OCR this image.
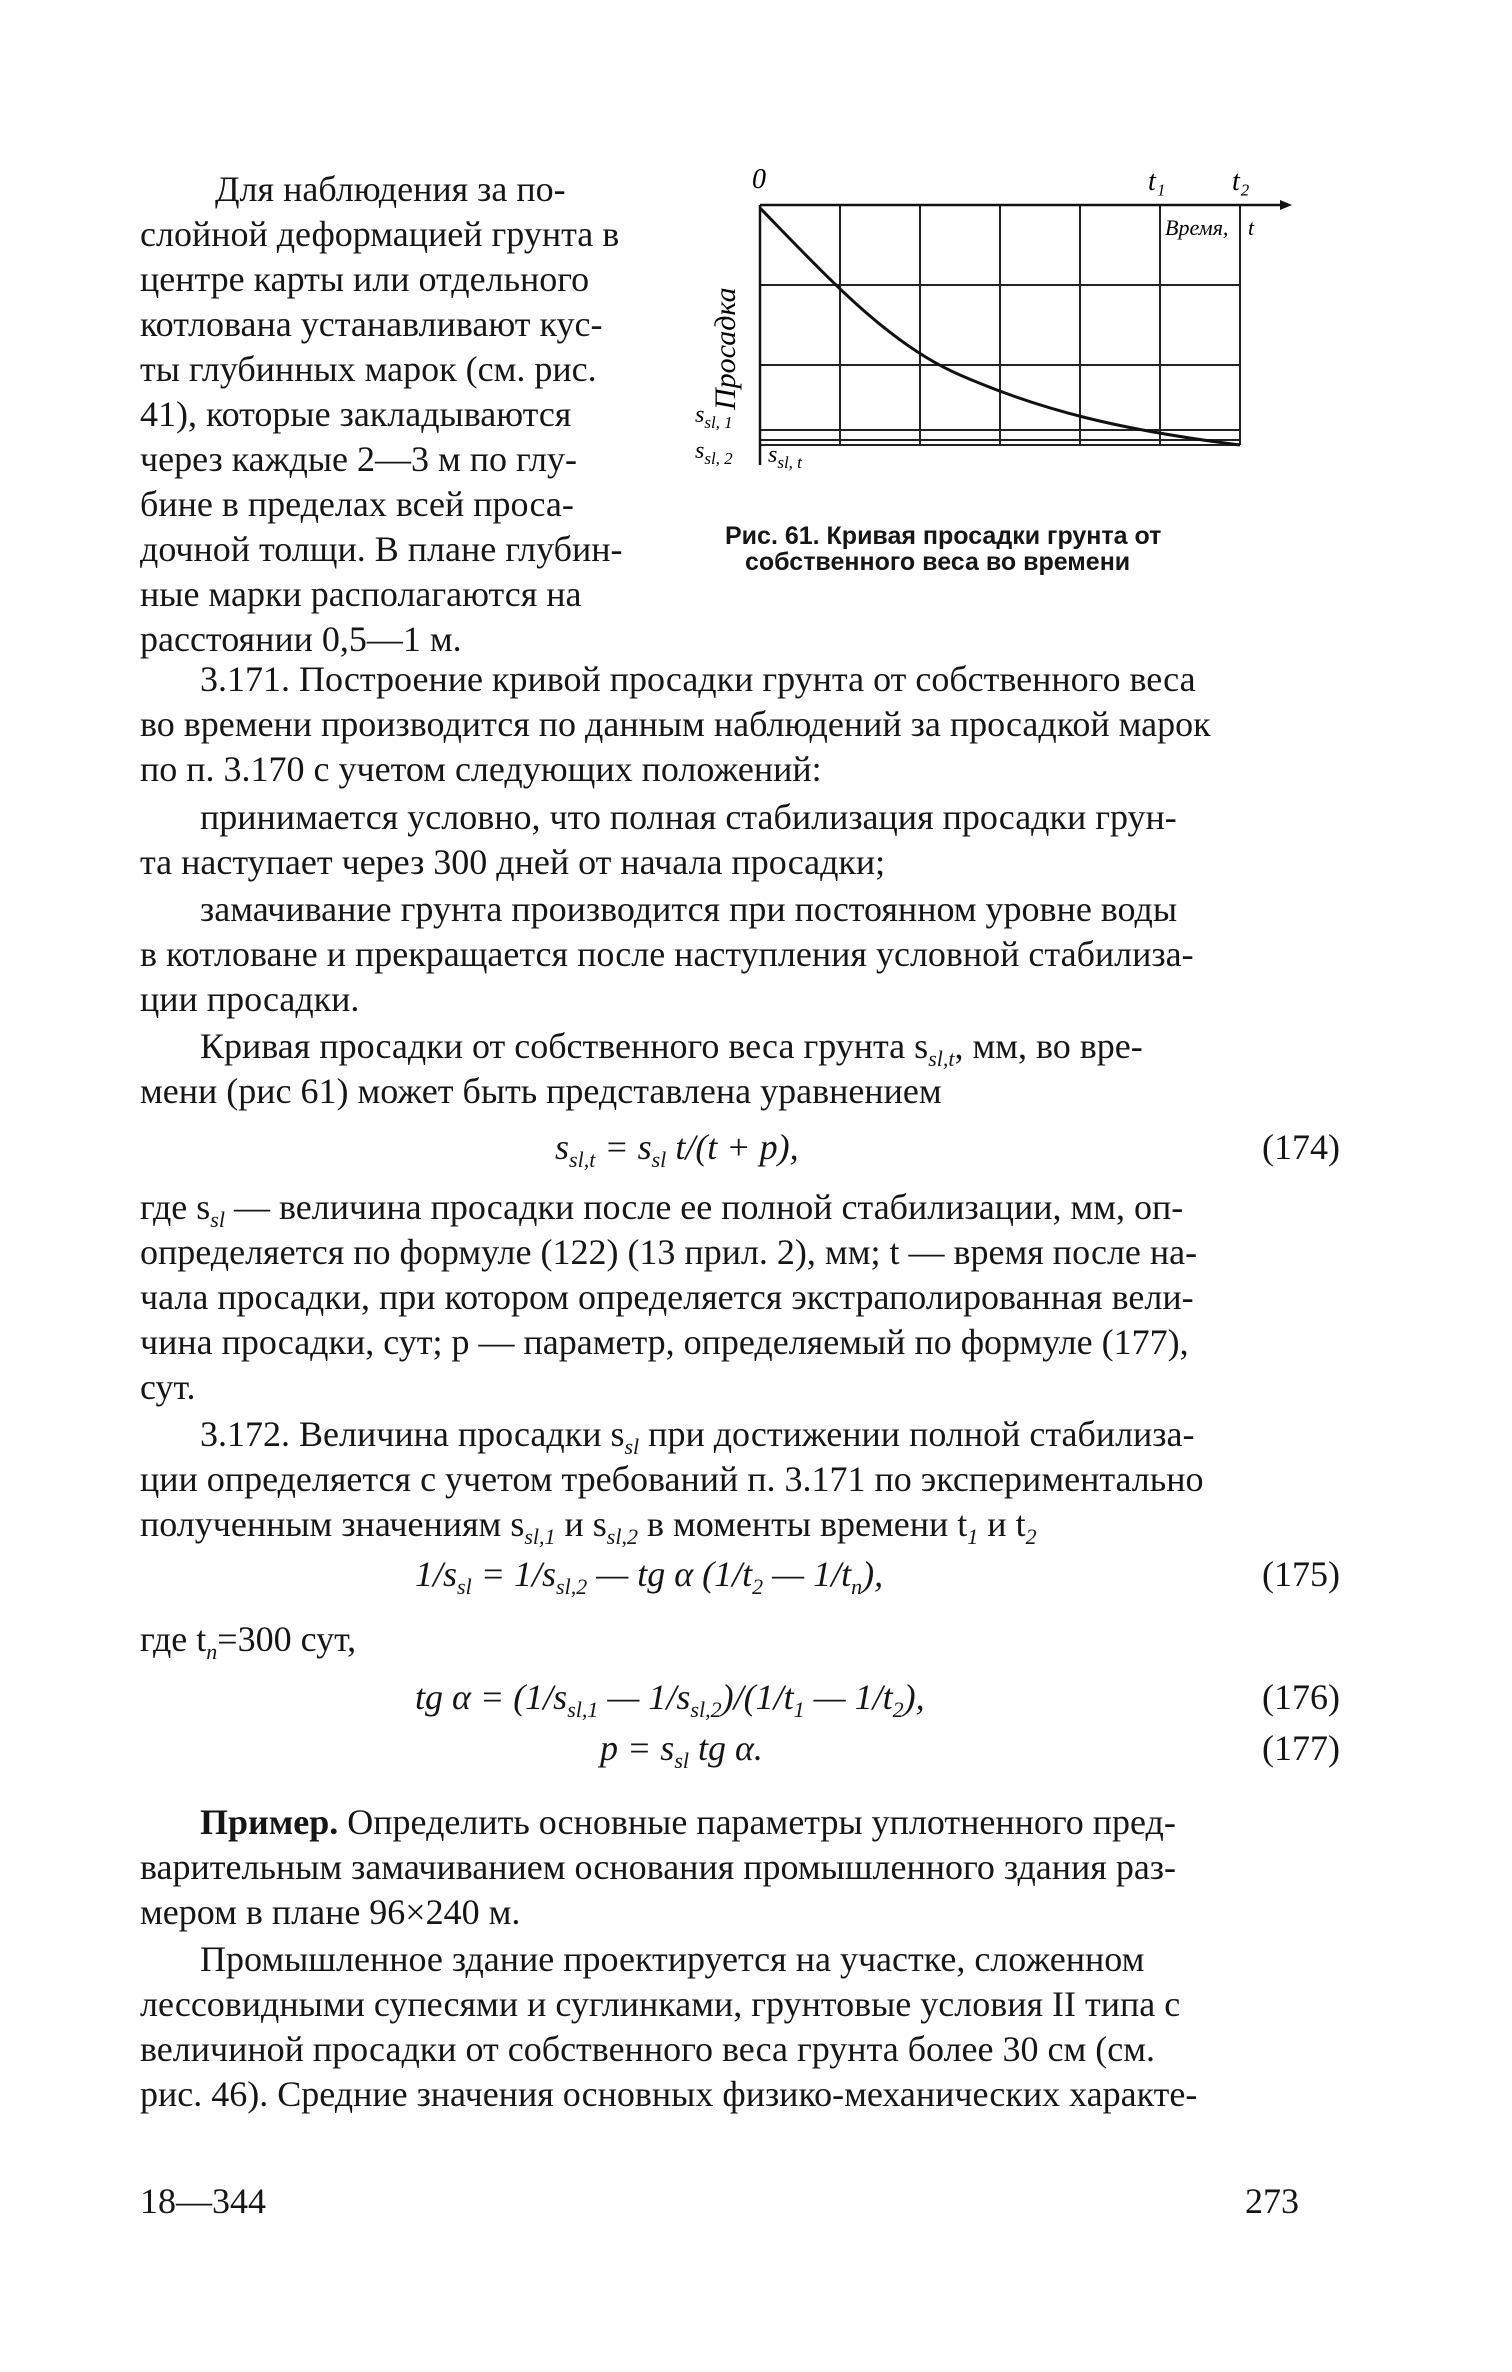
Для наблюдения за по-
слойной деформацией грунта в
центре карты или отдельного
котлована устанавливают кус-
ты глубинных марок (см. рис.
41), которые закладываются
через каждые 2—3 м по глу-
бине в пределах всей проса-
дочной толщи. В плане глубин-
ные марки располагаются на
расстоянии 0,5—1 м.
0	t₁ t₂
Время, t
Просадка
$s_{sl, 1}$
$s_{sl, 2}$ $s_{sl, t}$
Рис. 61. Кривая просадки грунта от
собственного веса во времени
3.171. Построение кривой просадки грунта от собственного веса
во времени производится по данным наблюдений за просадкой марок
по п. 3.170 с учетом следующих положений:
принимается условно, что полная стабилизация просадки грун-
та наступает через 300 дней от начала просадки;
замачивание грунта производится при постоянном уровне воды
в котловане и прекращается после наступления условной стабилиза-
ции просадки.
Кривая просадки от собственного веса грунта $s_{sl,t}$, мм, во вре-
мени (рис 61) может быть представлена уравнением
$s_{sl,t} = s_{sl}$ t/(t + p),	(174)
где $s_{sl}$ — величина просадки после ее полной стабилизации, мм, оп-
определяется по формуле (122) (13 прил. 2), мм; t — время после на-
чала просадки, при котором определяется экстраполированная вели-
чина просадки, сут; p — параметр, определяемый по формуле (177),
сут.
3.172. Величина просадки $s_{sl}$ при достижении полной стабилиза-
ции определяется с учетом требований п. 3.171 по экспериментально
полученным значениям $s_{sl,1}$ и $s_{sl,2}$ в моменты времени $t_1$ и $t_2$
$1/s_{sl} = 1/s_{sl,2}$ — tg α ($1/t_2$ — $1/t_n$),	(175)
где $t_n=300$ сут,
tg $\alpha = (1/s_{sl,1}$ — $1/s_{sl,2})/(1/t_1$ — $1/t_2$),	(176)
$p = s_{sl}$ tg α.	(177)
Пример. Определить основные параметры уплотненного пред-
варительным замачиванием основания промышленного здания раз-
мером в плане 96×240 м.
Промышленное здание проектируется на участке, сложенном
лессовидными супесями и суглинками, грунтовые условия II типа с
величиной просадки от собственного веса грунта более 30 см (см.
рис. 46). Средние значения основных физико-механических характе-
18—344	273
